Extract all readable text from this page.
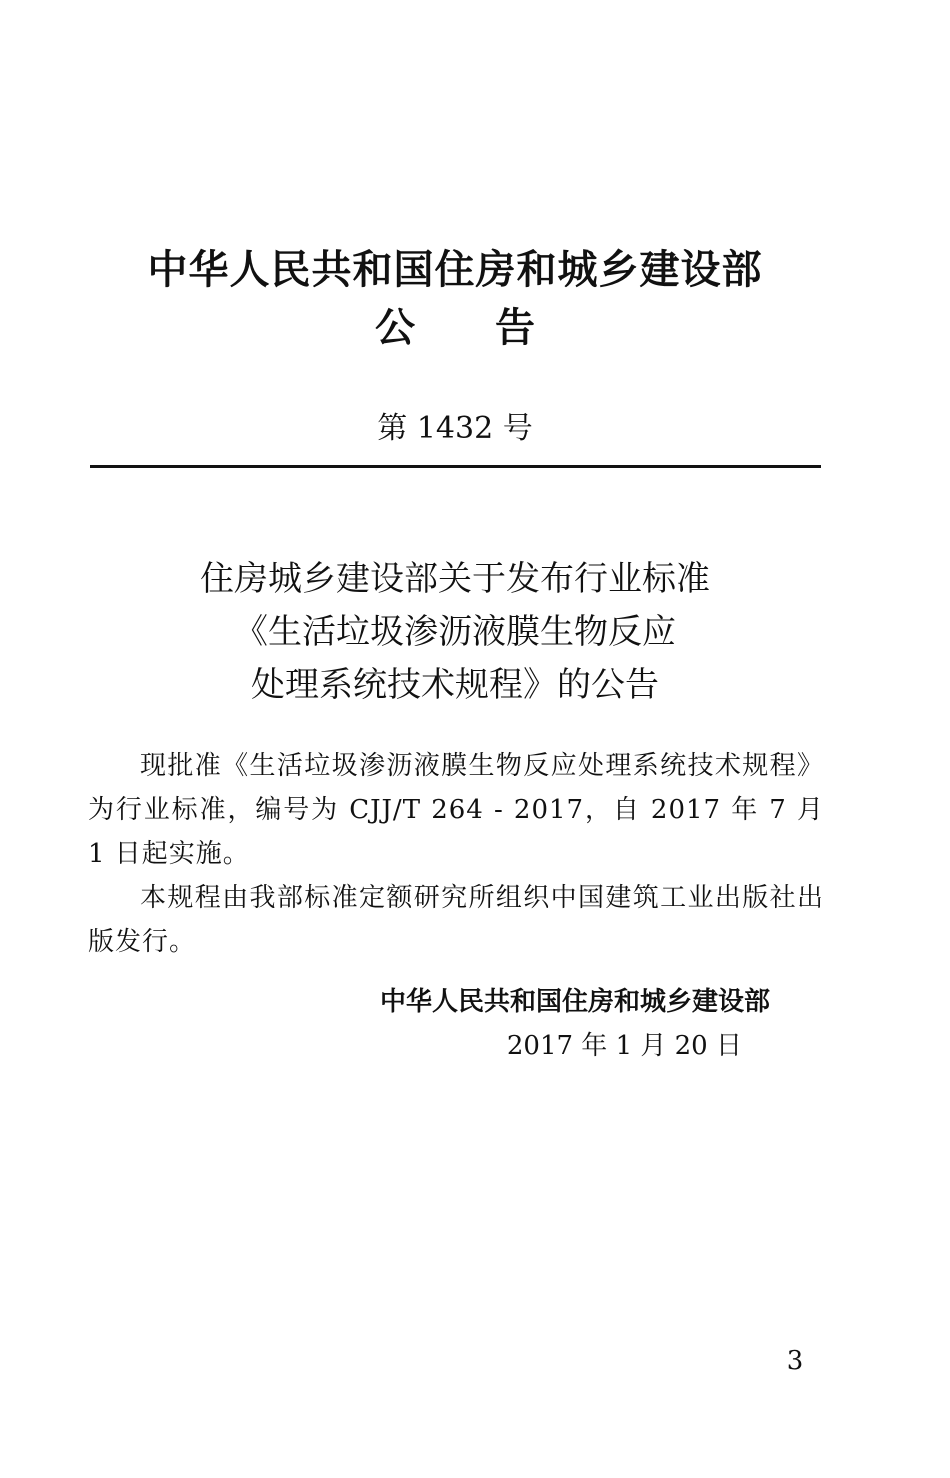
中华人民共和国住房和城乡建设部
公告
第 1432 号
住房城乡建设部关于发布行业标准
《生活垃圾渗沥液膜生物反应
处理系统技术规程》的公告

现批准《生活垃圾渗沥液膜生物反应处理系统技术规程》为行业标准，编号为 CJJ/T 264 - 2017，自 2017 年 7 月 1 日起实施。

本规程由我部标准定额研究所组织中国建筑工业出版社出版发行。

中华人民共和国住房和城乡建设部
2017 年 1 月 20 日
3
